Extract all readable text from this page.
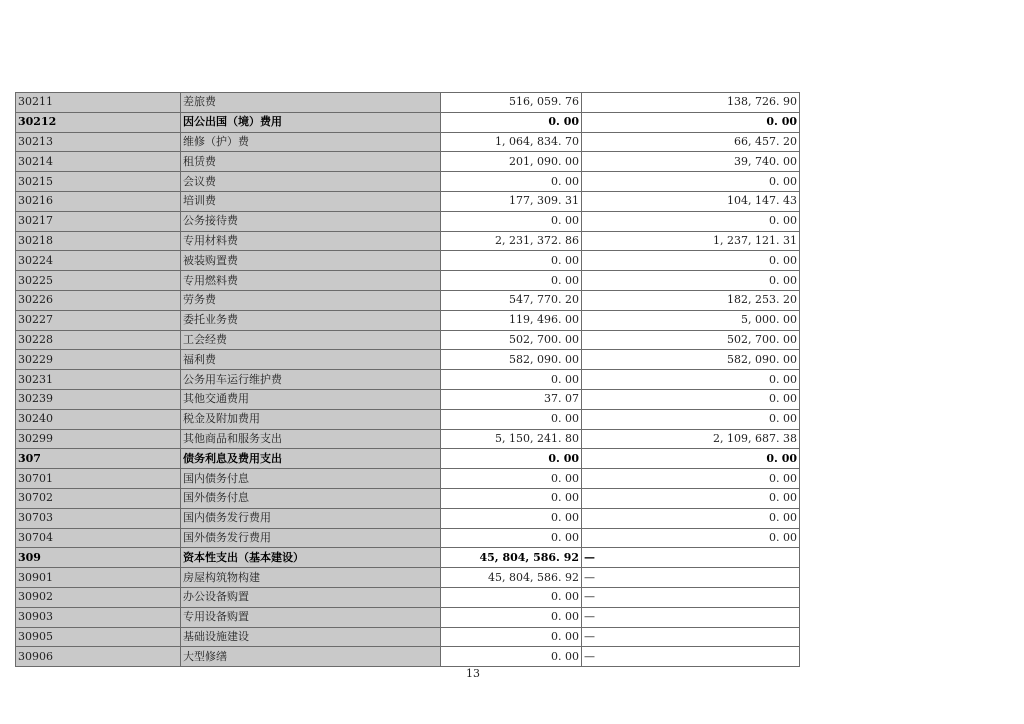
30211	差旅费	516, 059. 76	138, 726. 90
30212	因公出国（境）费用	0. 00	0. 00
30213	维修（护）费	1, 064, 834. 70	66, 457. 20
30214	租赁费	201, 090. 00	39, 740. 00
30215	会议费	0. 00	0. 00
30216	培训费	177, 309. 31	104, 147. 43
30217	公务接待费	0. 00	0. 00
30218	专用材料费	2, 231, 372. 86	1, 237, 121. 31
30224	被装购置费	0. 00	0. 00
30225	专用燃料费	0. 00	0. 00
30226	劳务费	547, 770. 20	182, 253. 20
30227	委托业务费	119, 496. 00	5, 000. 00
30228	工会经费	502, 700. 00	502, 700. 00
30229	福利费	582, 090. 00	582, 090. 00
30231	公务用车运行维护费	0. 00	0. 00
30239	其他交通费用	37. 07	0. 00
30240	税金及附加费用	0. 00	0. 00
30299	其他商品和服务支出	5, 150, 241. 80	2, 109, 687. 38
307	债务利息及费用支出	0. 00	0. 00
30701	国内债务付息	0. 00	0. 00
30702	国外债务付息	0. 00	0. 00
30703	国内债务发行费用	0. 00	0. 00
30704	国外债务发行费用	0. 00	0. 00
309	资本性支出（基本建设）	45, 804, 586. 92	—
30901	房屋构筑物构建	45, 804, 586. 92	—
30902	办公设备购置	0. 00	—
30903	专用设备购置	0. 00	—
30905	基础设施建设	0. 00	—
30906	大型修缮	0. 00	—
13
